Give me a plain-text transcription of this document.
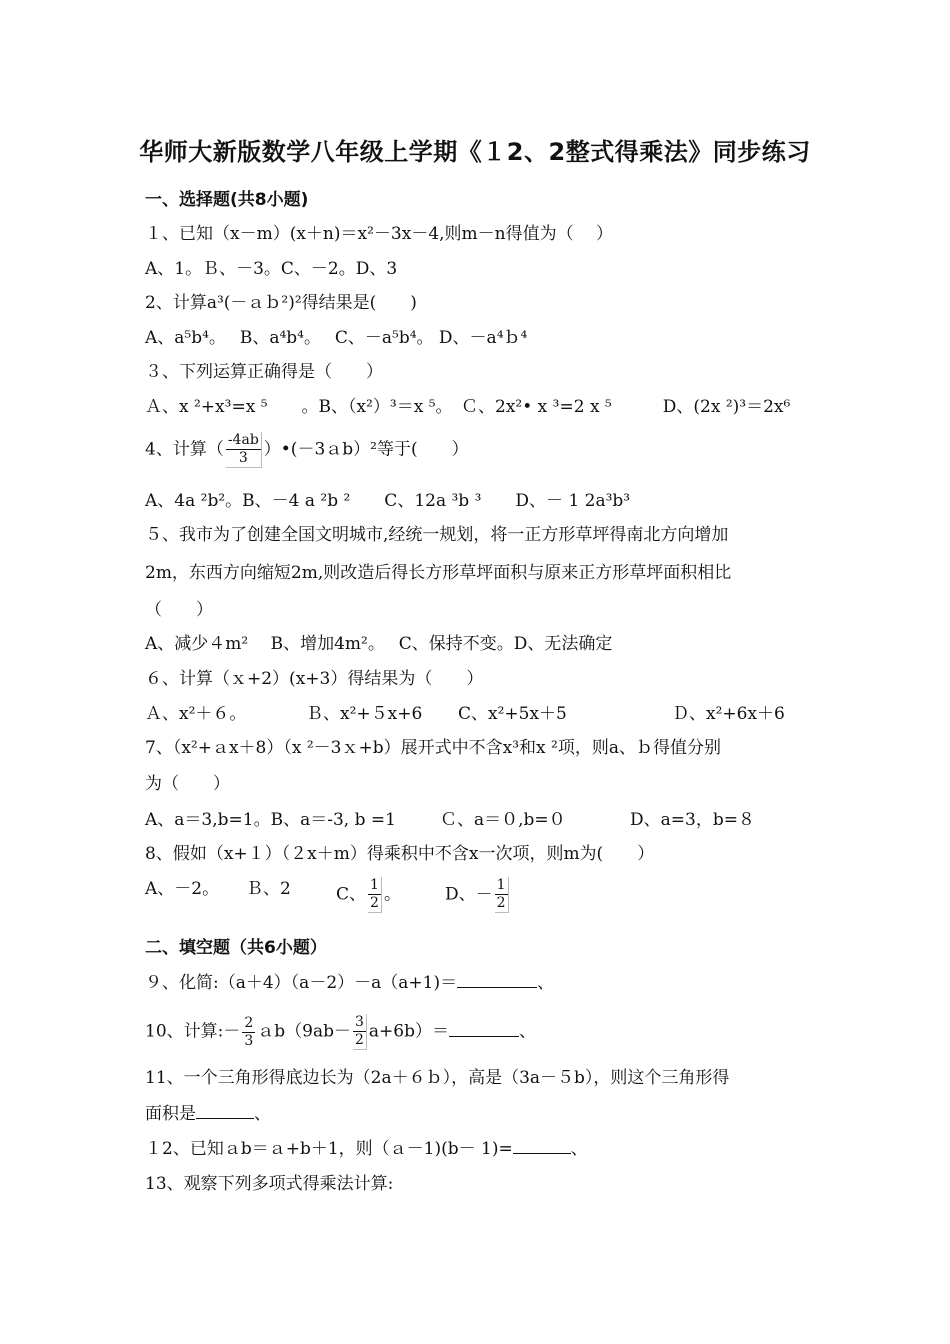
华师大新版数学八年级上学期《１2、2整式得乘法》同步练习
一、选择题(共8小题)
１、已知（x－m）(x＋n)＝x²－3x－4,则m－n得值为（　 ）
A、1。Ｂ、－3。C、－2。D、3
2、计算a³(－ａｂ²)²得结果是(　　)
A、a⁵b⁴。　 B、a⁴b⁴。　 C、－a⁵b⁴。 D、－a⁴ｂ⁴
３、下列运算正确得是（　　）
Ａ、x ²+x³=x ⁵　　。B、（x²）³＝x ⁵。　Ｃ、2x²• x ³=2 x ⁵　　　D、(2x ²)³＝2x⁶
4、计算（ $\frac{-4ab}{3}$ ）•(－3ａb）²等于(　　）
A、4a ²b²。B、－4 a ²b ²　　C、12a ³b ³　　D、－ 1 2a³b³
５、我市为了创建全国文明城市,经统一规划，将一正方形草坪得南北方向增加
2m，东西方向缩短2m,则改造后得长方形草坪面积与原来正方形草坪面积相比
（　　）
A、减少４m²　 B、增加4m²。　 C、保持不变。D、无法确定
６、计算（ｘ+2）(x+3）得结果为（　　）
Ａ、x²＋６。	Ｂ、x²+５x+6 C、x²+5x＋5	Ｄ、x²+6x＋6
7、（x²+ａx＋8）（x ²－3ｘ+b）展开式中不含x³和x ²项，则a、ｂ得值分别
为（　　）
A、a＝3,b=1。B、a＝-3, b =1	Ｃ、a＝０,b=０	D、a=3，b=８
8、假如（x+１）（２x＋m）得乘积中不含x一次项，则m为(　　）
A、－2。 Ｂ、2	C、 $\frac{1}{2}$ 。	D、－ $\frac{1}{2}$
二、填空题（共6小题）
９、化简:（a＋4）（a－2）－a（a+1)＝	、
10、计算:－ $\frac{2}{3}$ ａb（9ab－ $\frac{3}{2} a+6b)=$	、
11、一个三角形得底边长为（2a＋６ｂ），高是（3a－５b），则这个三角形得
面积是	、
１2、已知ａb＝ａ+b＋1，则（ａ－1)(b－ 1)=	、
13、观察下列多项式得乘法计算:
